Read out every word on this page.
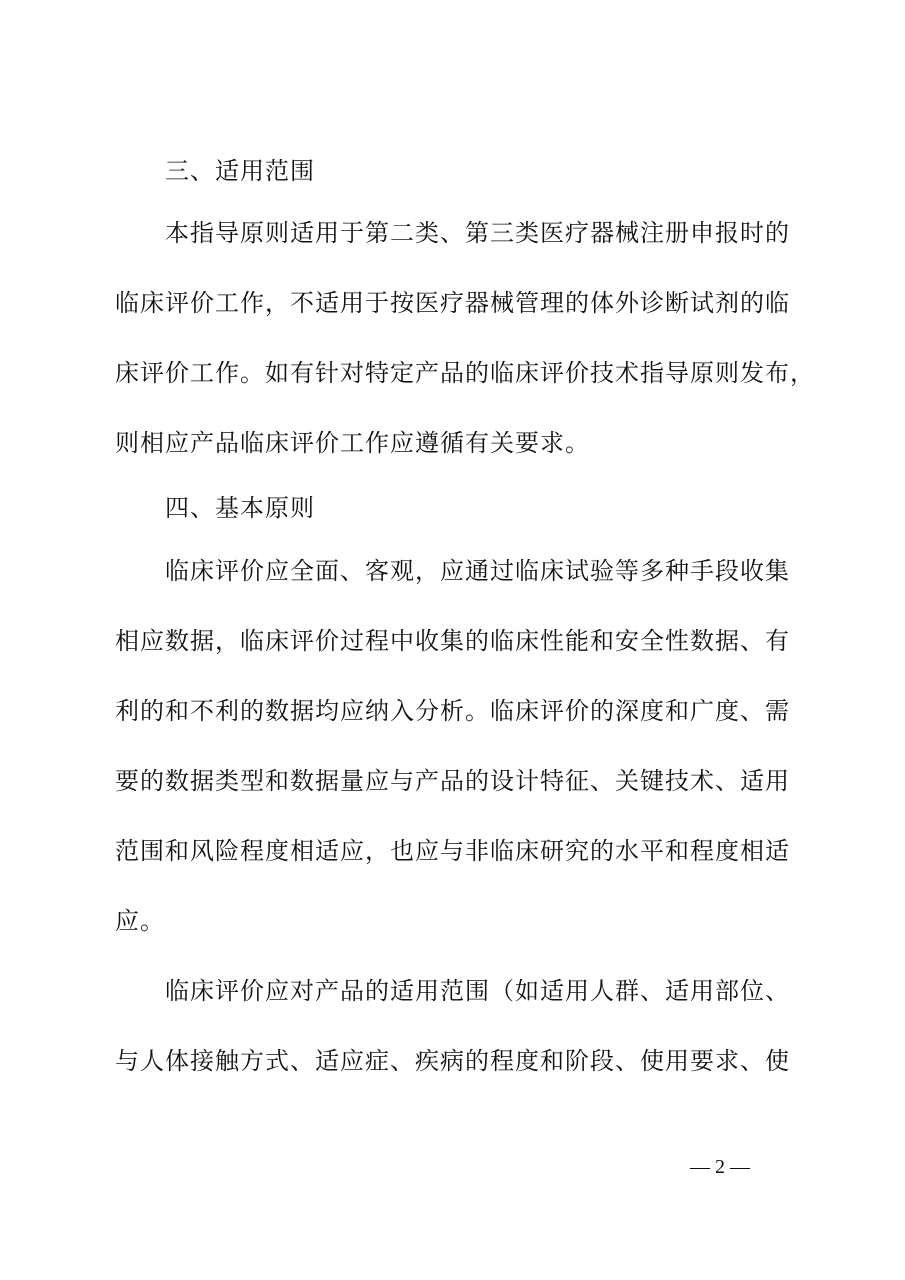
三、适用范围
本指导原则适用于第二类、第三类医疗器械注册申报时的
临床评价工作，不适用于按医疗器械管理的体外诊断试剂的临
床评价工作。如有针对特定产品的临床评价技术指导原则发布，
则相应产品临床评价工作应遵循有关要求。
四、基本原则
临床评价应全面、客观，应通过临床试验等多种手段收集
相应数据，临床评价过程中收集的临床性能和安全性数据、有
利的和不利的数据均应纳入分析。临床评价的深度和广度、需
要的数据类型和数据量应与产品的设计特征、关键技术、适用
范围和风险程度相适应，也应与非临床研究的水平和程度相适
应。
临床评价应对产品的适用范围（如适用人群、适用部位、
与人体接触方式、适应症、疾病的程度和阶段、使用要求、使
— 2 —
